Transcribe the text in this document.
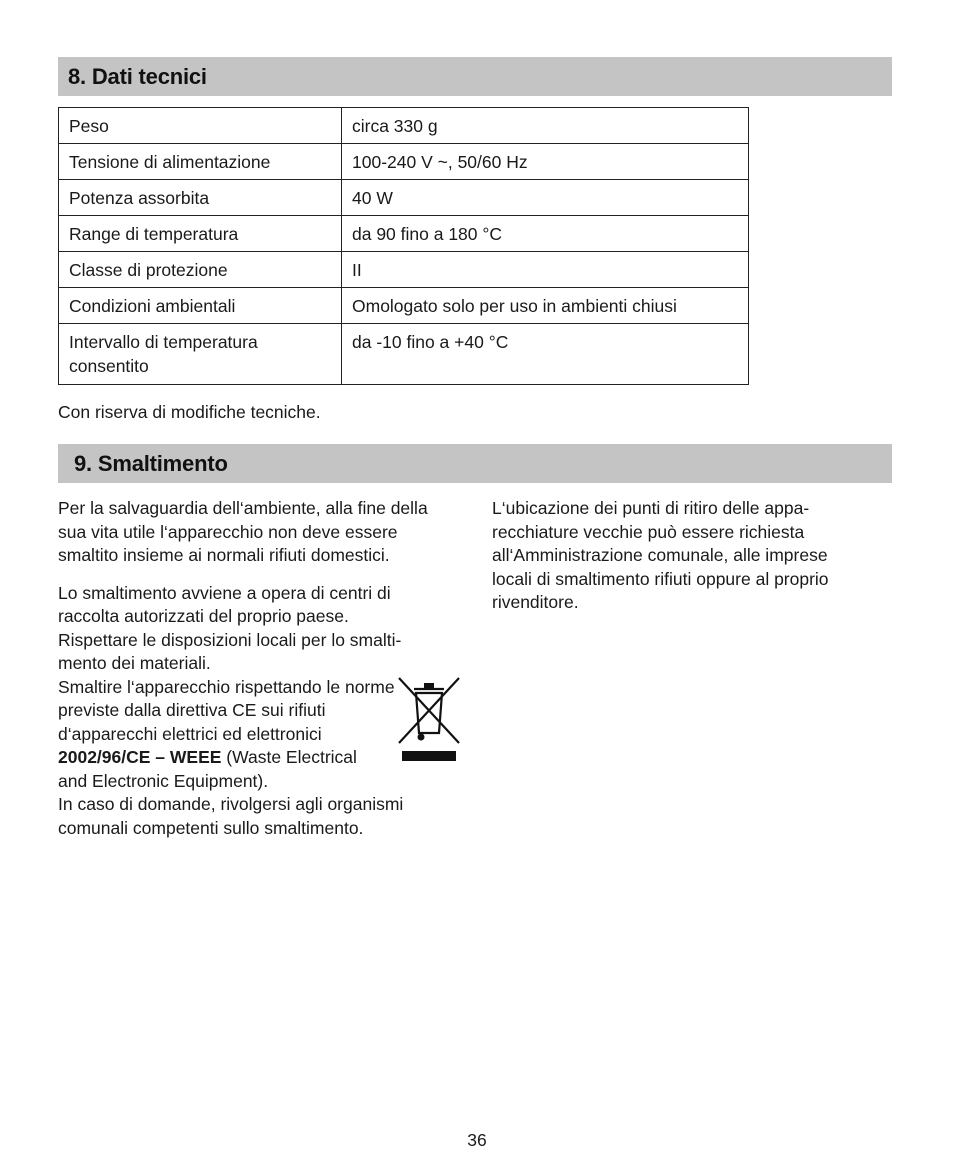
8. Dati tecnici
Peso	circa 330 g
Tensione di alimentazione	100-240 V ~, 50/60 Hz
Potenza assorbita	40 W
Range di temperatura	da 90 fino a 180 °C
Classe di protezione	II
Condizioni ambientali	Omologato solo per uso in ambienti chiusi
Intervallo di temperatura consentito	da -10 fino a +40 °C

Con riserva di modifiche tecniche.

9. Smaltimento

Per la salvaguardia dell‘ambiente, alla fine della sua vita utile l‘apparecchio non deve essere smaltito insieme ai normali rifiuti domestici.

Lo smaltimento avviene a opera di centri di raccolta autorizzati del proprio paese. Rispettare le disposizioni locali per lo smalti-mento dei materiali.

Smaltire l‘apparecchio rispettando le norme previste dalla direttiva CE sui rifiuti d‘apparecchi elettrici ed elettronici

2002/96/CE – WEEE (Waste Electrical and Electronic Equipment).

In caso di domande, rivolgersi agli organismi comunali competenti sullo smaltimento.

L‘ubicazione dei punti di ritiro delle appa-recchiature vecchie può essere richiesta all‘Amministrazione comunale, alle imprese locali di smaltimento rifiuti oppure al proprio rivenditore.

36
